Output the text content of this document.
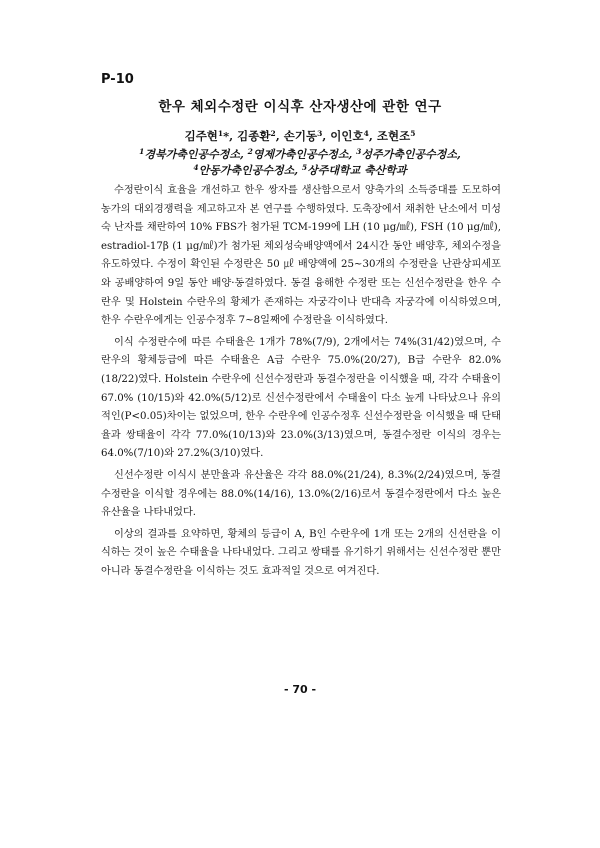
P-10
한우 체외수정란 이식후 산자생산에 관한 연구
김주현$^1$*, 김종환$^2$, 손기동$^3$, 이인호$^4$, 조현조$^5$
$^1$경북가축인공수정소, $^2$영제가축인공수정소, $^3$성주가축인공수정소,
$^4$안동가축인공수정소, $^5$상주대학교 축산학과

수정란이식 효율을 개선하고 한우 쌍자를 생산함으로서 양축가의 소득증대를 도모하여 농가의 대외경쟁력을 제고하고자 본 연구를 수행하였다. 도축장에서 채취한 난소에서 미성숙 난자를 채란하여 10% FBS가 첨가된 TCM-199에 LH (10 μg/㎖), FSH (10 μg/㎖), estradiol-17β (1 μg/㎖)가 첨가된 체외성숙배양액에서 24시간 동안 배양후, 체외수정을 유도하였다. 수정이 확인된 수정란은 50 ㎕ 배양액에 25~30개의 수정란을 난관상피세포와 공배양하여 9일 동안 배양·동결하였다. 동결 융해한 수정란 또는 신선수정란을 한우 수란우 및 Holstein 수란우의 황체가 존재하는 자궁각이나 반대측 자궁각에 이식하였으며, 한우 수란우에게는 인공수정후 7~8일째에 수정란을 이식하였다.

이식 수정란수에 따른 수태율은 1개가 78%(7/9), 2개에서는 74%(31/42)였으며, 수란우의 황체등급에 따른 수태율은 A급 수란우 75.0%(20/27), B급 수란우 82.0%(18/22)였다. Holstein 수란우에 신선수정란과 동결수정란을 이식했을 때, 각각 수태율이 67.0% (10/15)와 42.0%(5/12)로 신선수정란에서 수태율이 다소 높게 나타났으나 유의적인(P<0.05)차이는 없었으며, 한우 수란우에 인공수정후 신선수정란을 이식했을 때 단태율과 쌍태율이 각각 77.0%(10/13)와 23.0%(3/13)였으며, 동결수정란 이식의 경우는 64.0%(7/10)와 27.2%(3/10)였다.

신선수정란 이식시 분만율과 유산율은 각각 88.0%(21/24), 8.3%(2/24)였으며, 동결수정란을 이식할 경우에는 88.0%(14/16), 13.0%(2/16)로서 동결수정란에서 다소 높은 유산율을 나타내었다.

이상의 결과를 요약하면, 황체의 등급이 A, B인 수란우에 1개 또는 2개의 신선란을 이식하는 것이 높은 수태율을 나타내었다. 그리고 쌍태를 유기하기 위해서는 신선수정란 뿐만 아니라 동결수정란을 이식하는 것도 효과적일 것으로 여겨진다.

- 70 -
